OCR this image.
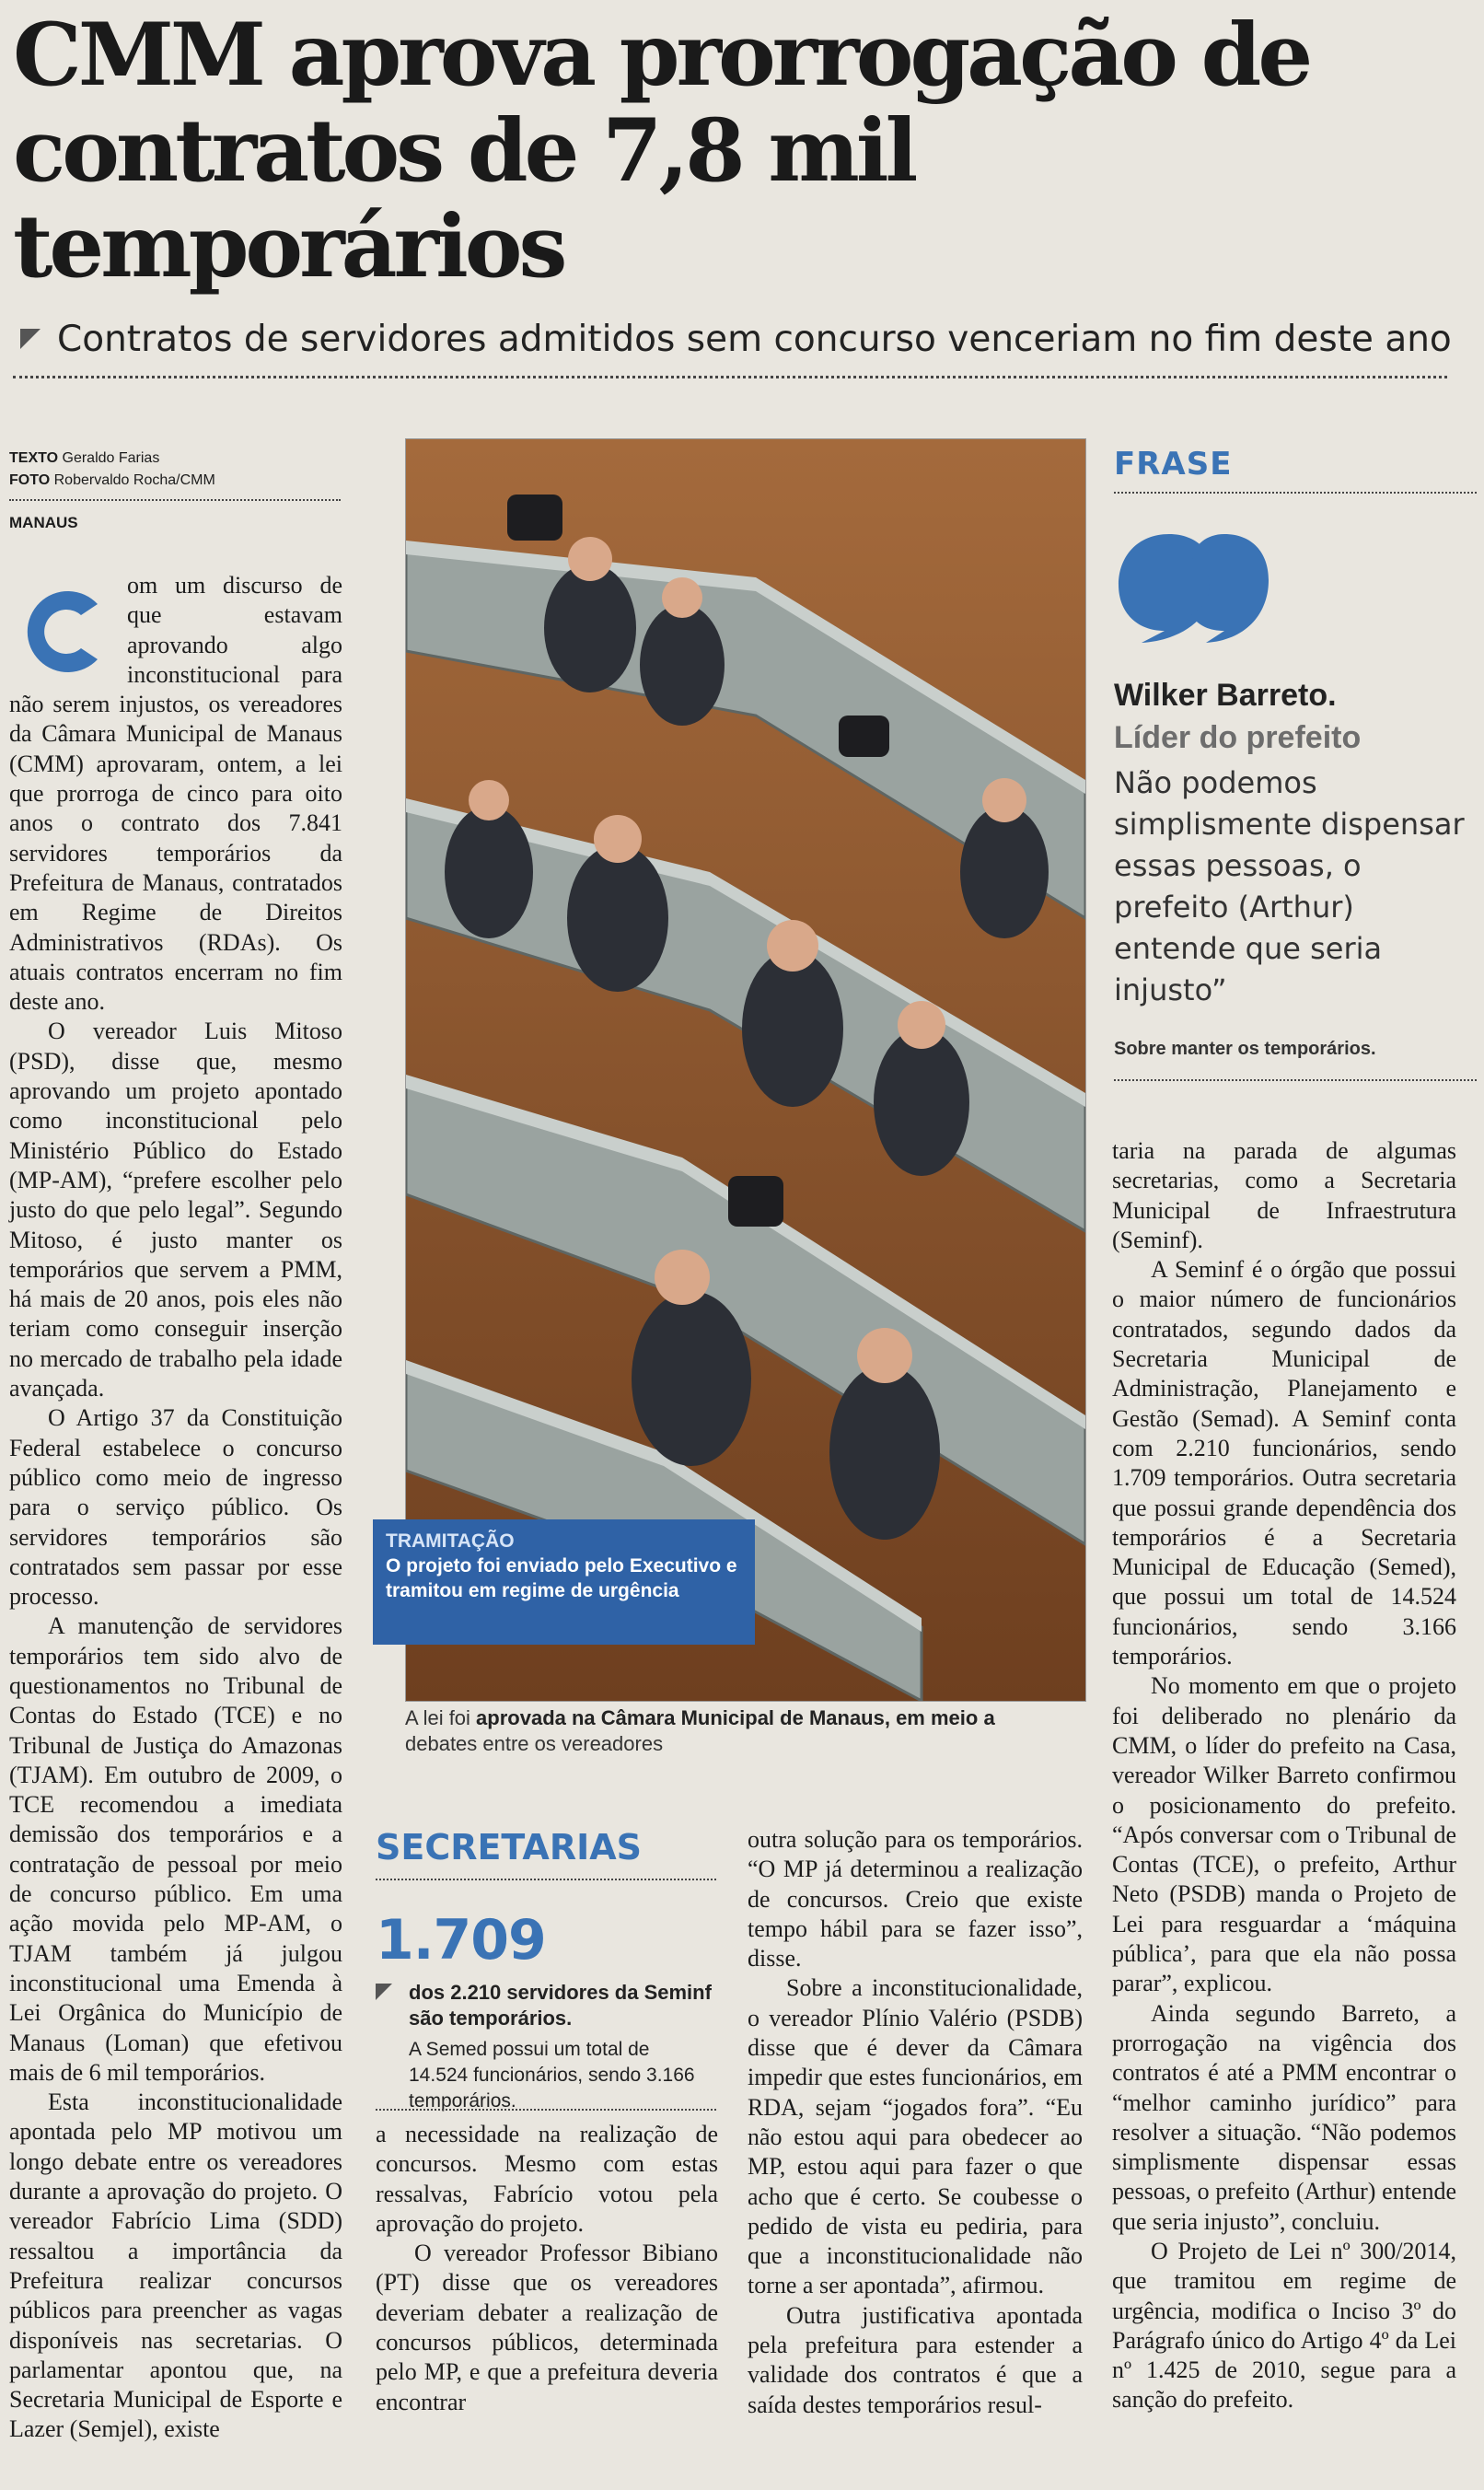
CMM aprova prorrogação de
contratos de 7,8 mil temporários
Contratos de servidores admitidos sem concurso venceriam no fim deste ano
TEXTO Geraldo Farias
FOTO Robervaldo Rocha/CMM
MANAUS

om um discurso de que estavam aprovando algo inconstitucional para não serem injustos, os vereadores da Câmara Municipal de Manaus (CMM) aprovaram, ontem, a lei que prorroga de cinco para oito anos o contrato dos 7.841 servidores temporários da Prefeitura de Manaus, contratados em Regime de Direitos Administrativos (RDAs). Os atuais contratos encerram no fim deste ano.

O vereador Luis Mitoso (PSD), disse que, mesmo aprovando um projeto apontado como inconstitucional pelo Ministério Público do Estado (MP-AM), “prefere escolher pelo justo do que pelo legal”. Segundo Mitoso, é justo manter os temporários que servem a PMM, há mais de 20 anos, pois eles não teriam como conseguir inserção no mercado de trabalho pela idade avançada.

O Artigo 37 da Constituição Federal estabelece o concurso público como meio de ingresso para o serviço público. Os servidores temporários são contratados sem passar por esse processo.

A manutenção de servidores temporários tem sido alvo de questionamentos no Tribunal de Contas do Estado (TCE) e no Tribunal de Justiça do Amazonas (TJAM). Em outubro de 2009, o TCE recomendou a imediata demissão dos temporários e a contratação de pessoal por meio de concurso público. Em uma ação movida pelo MP-AM, o TJAM também já julgou inconstitucional uma Emenda à Lei Orgânica do Município de Manaus (Loman) que efetivou mais de 6 mil temporários.

Esta inconstitucionalidade apontada pelo MP motivou um longo debate entre os vereadores durante a aprovação do projeto. O vereador Fabrício Lima (SDD) ressaltou a importância da Prefeitura realizar concursos públicos para preencher as vagas disponíveis nas secretarias. O parlamentar apontou que, na Secretaria Municipal de Esporte e Lazer (Semjel), existe

TRAMITAÇÃO
O projeto foi enviado pelo Executivo e tramitou em regime de urgência
A lei foi aprovada na Câmara Municipal de Manaus, em meio a
debates entre os vereadores
FRASE
Wilker Barreto.
Líder do prefeito
Não podemos simplismente dispensar essas pessoas, o prefeito (Arthur) entende que seria injusto”
Sobre manter os temporários.
SECRETARIAS
1.709
dos 2.210 servidores da Seminf são temporários.
A Semed possui um total de 14.524 funcionários, sendo 3.166 temporários.

a necessidade na realização de concursos. Mesmo com estas ressalvas, Fabrício votou pela aprovação do projeto.

O vereador Professor Bibiano (PT) disse que os vereadores deveriam debater a realização de concursos públicos, determinada pelo MP, e que a prefeitura deveria encontrar

outra solução para os temporários. “O MP já determinou a realização de concursos. Creio que existe tempo hábil para se fazer isso”, disse.

Sobre a inconstitucionalidade, o vereador Plínio Valério (PSDB) disse que é dever da Câmara impedir que estes funcionários, em RDA, sejam “jogados fora”. “Eu não estou aqui para obedecer ao MP, estou aqui para fazer o que acho que é certo. Se coubesse o pedido de vista eu pediria, para que a inconstitucionalidade não torne a ser apontada”, afirmou.

Outra justificativa apontada pela prefeitura para estender a validade dos contratos é que a saída destes temporários resul-

taria na parada de algumas secretarias, como a Secretaria Municipal de Infraestrutura (Seminf).

A Seminf é o órgão que possui o maior número de funcionários contratados, segundo dados da Secretaria Municipal de Administração, Planejamento e Gestão (Semad). A Seminf conta com 2.210 funcionários, sendo 1.709 temporários. Outra secretaria que possui grande dependência dos temporários é a Secretaria Municipal de Educação (Semed), que possui um total de 14.524 funcionários, sendo 3.166 temporários.

No momento em que o projeto foi deliberado no plenário da CMM, o líder do prefeito na Casa, vereador Wilker Barreto confirmou o posicionamento do prefeito. “Após conversar com o Tribunal de Contas (TCE), o prefeito, Arthur Neto (PSDB) manda o Projeto de Lei para resguardar a ‘máquina pública’, para que ela não possa parar”, explicou.

Ainda segundo Barreto, a prorrogação na vigência dos contratos é até a PMM encontrar o “melhor caminho jurídico” para resolver a situação. “Não podemos simplismente dispensar essas pessoas, o prefeito (Arthur) entende que seria injusto”, concluiu.

O Projeto de Lei nº 300/2014, que tramitou em regime de urgência, modifica o Inciso 3º do Parágrafo único do Artigo 4º da Lei nº 1.425 de 2010, segue para a sanção do prefeito.
